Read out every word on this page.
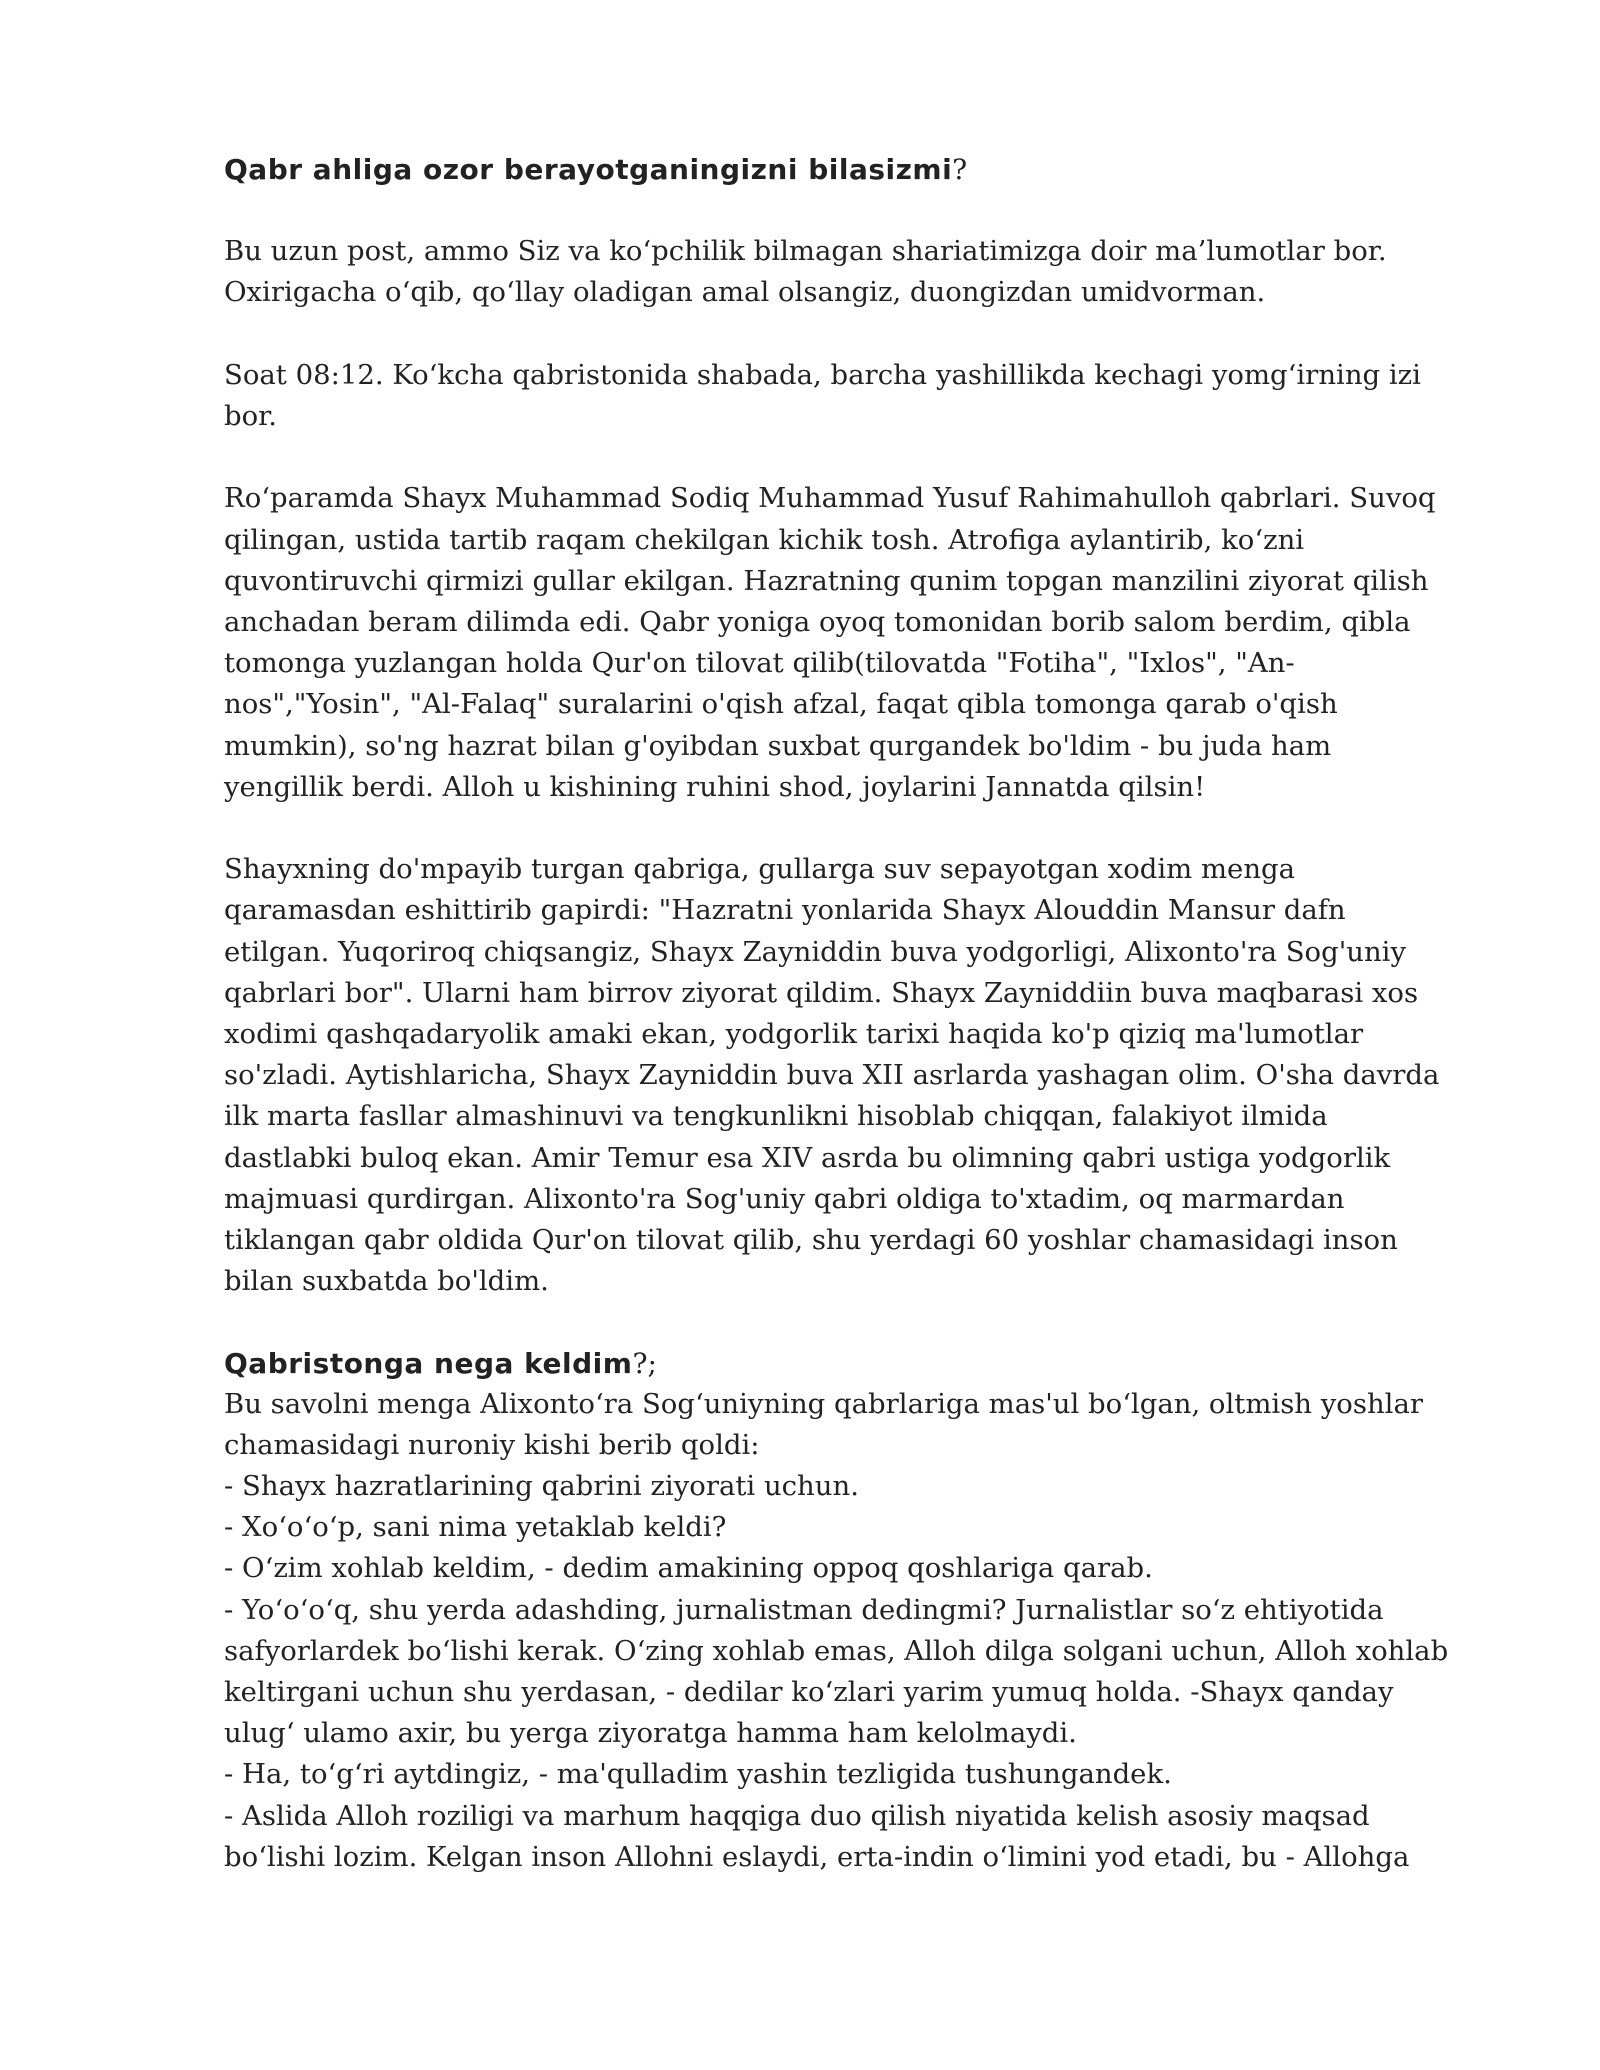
Qabr ahliga ozor berayotganingizni bilasizmi?

Bu uzun post, ammo Siz va koʻpchilik bilmagan shariatimizga doir ma’lumotlar bor.
Oxirigacha oʻqib, qoʻllay oladigan amal olsangiz, duongizdan umidvorman.

Soat 08:12. Koʻkcha qabristonida shabada, barcha yashillikda kechagi yomgʻirning izi
bor.

Roʻparamda Shayx Muhammad Sodiq Muhammad Yusuf Rahimahulloh qabrlari. Suvoq
qilingan, ustida tartib raqam chekilgan kichik tosh. Atrofiga aylantirib, koʻzni
quvontiruvchi qirmizi gullar ekilgan. Hazratning qunim topgan manzilini ziyorat qilish
anchadan beram dilimda edi. Qabr yoniga oyoq tomonidan borib salom berdim, qibla
tomonga yuzlangan holda Qur'on tilovat qilib(tilovatda "Fotiha", "Ixlos", "An-
nos","Yosin", "Al-Falaq" suralarini o'qish afzal, faqat qibla tomonga qarab o'qish
mumkin), so'ng hazrat bilan g'oyibdan suxbat qurgandek bo'ldim - bu juda ham
yengillik berdi. Alloh u kishining ruhini shod, joylarini Jannatda qilsin!

Shayxning do'mpayib turgan qabriga, gullarga suv sepayotgan xodim menga
qaramasdan eshittirib gapirdi: "Hazratni yonlarida Shayx Alouddin Mansur dafn
etilgan. Yuqoriroq chiqsangiz, Shayx Zayniddin buva yodgorligi, Alixonto'ra Sog'uniy
qabrlari bor". Ularni ham birrov ziyorat qildim. Shayx Zayniddiin buva maqbarasi xos
xodimi qashqadaryolik amaki ekan, yodgorlik tarixi haqida ko'p qiziq ma'lumotlar
so'zladi. Aytishlaricha, Shayx Zayniddin buva XII asrlarda yashagan olim. O'sha davrda
ilk marta fasllar almashinuvi va tengkunlikni hisoblab chiqqan, falakiyot ilmida
dastlabki buloq ekan. Amir Temur esa XIV asrda bu olimning qabri ustiga yodgorlik
majmuasi qurdirgan. Alixonto'ra Sog'uniy qabri oldiga to'xtadim, oq marmardan
tiklangan qabr oldida Qur'on tilovat qilib, shu yerdagi 60 yoshlar chamasidagi inson
bilan suxbatda bo'ldim.

Qabristonga nega keldim?;

Bu savolni menga Alixontoʻra Sogʻuniyning qabrlariga mas'ul boʻlgan, oltmish yoshlar
chamasidagi nuroniy kishi berib qoldi:
- Shayx hazratlarining qabrini ziyorati uchun.
- Xoʻoʻoʻp, sani nima yetaklab keldi?
- Oʻzim xohlab keldim, - dedim amakining oppoq qoshlariga qarab.
- Yoʻoʻoʻq, shu yerda adashding, jurnalistman dedingmi? Jurnalistlar soʻz ehtiyotida
safyorlardek boʻlishi kerak. Oʻzing xohlab emas, Alloh dilga solgani uchun, Alloh xohlab
keltirgani uchun shu yerdasan, - dedilar koʻzlari yarim yumuq holda. -Shayx qanday
ulugʻ ulamo axir, bu yerga ziyoratga hamma ham kelolmaydi.
- Ha, toʻgʻri aytdingiz, - ma'qulladim yashin tezligida tushungandek.
- Aslida Alloh roziligi va marhum haqqiga duo qilish niyatida kelish asosiy maqsad
boʻlishi lozim. Kelgan inson Allohni eslaydi, erta-indin oʻlimini yod etadi, bu - Allohga
